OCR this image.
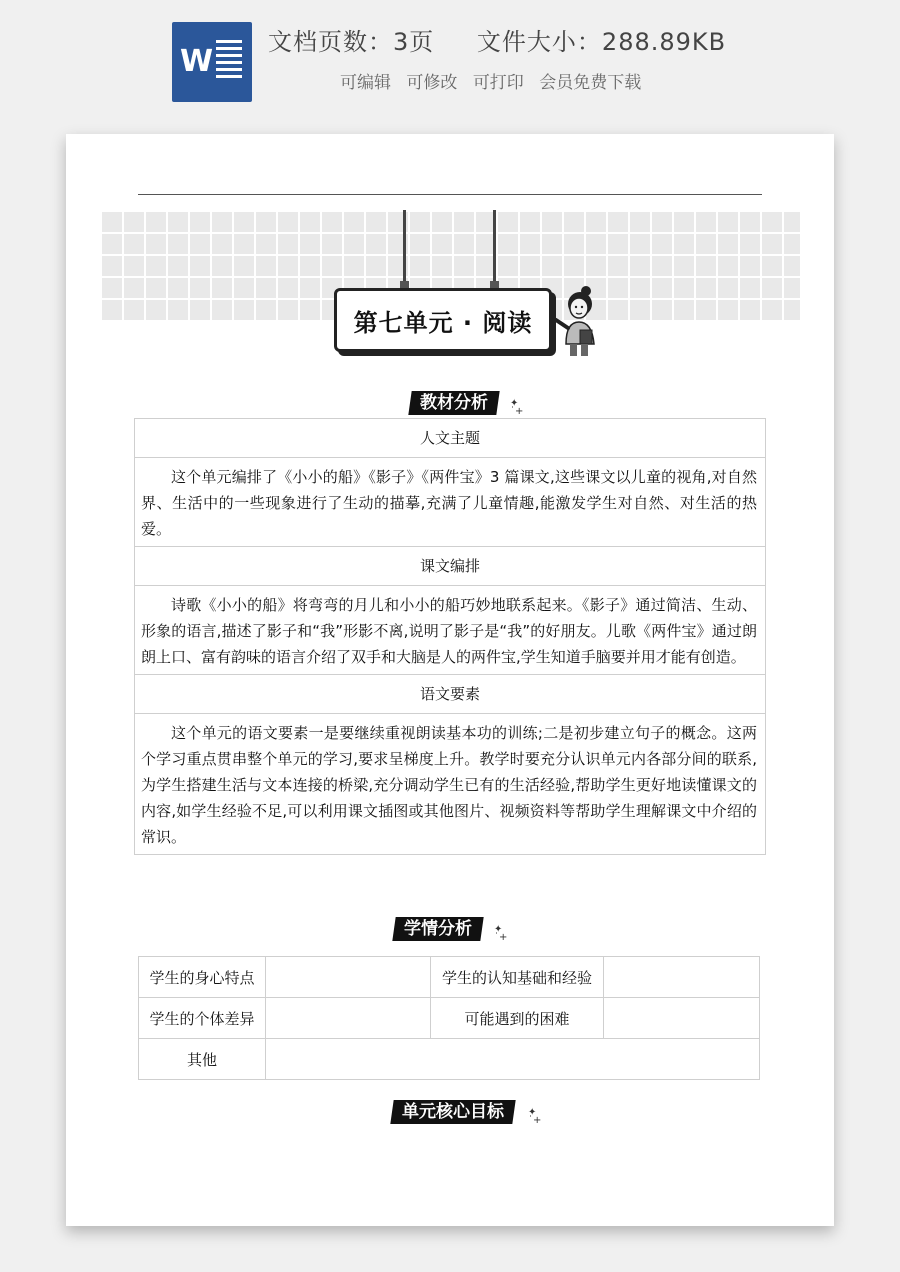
W
文档页数：3页 文件大小：288.89KB
可编辑 可修改 可打印 会员免费下载
第七单元 · 阅读
教材分析	✦
˙+
人文主题
这个单元编排了《小小的船》《影子》《两件宝》3 篇课文,这些课文以儿童的视角,对自然界、生活中的一些现象进行了生动的描摹,充满了儿童情趣,能激发学生对自然、对生活的热爱。
课文编排
诗歌《小小的船》将弯弯的月儿和小小的船巧妙地联系起来。《影子》通过简洁、生动、形象的语言,描述了影子和“我”形影不离,说明了影子是“我”的好朋友。儿歌《两件宝》通过朗朗上口、富有韵味的语言介绍了双手和大脑是人的两件宝,学生知道手脑要并用才能有创造。
语文要素
这个单元的语文要素一是要继续重视朗读基本功的训练;二是初步建立句子的概念。这两个学习重点贯串整个单元的学习,要求呈梯度上升。教学时要充分认识单元内各部分间的联系,为学生搭建生活与文本连接的桥梁,充分调动学生已有的生活经验,帮助学生更好地读懂课文的内容,如学生经验不足,可以利用课文插图或其他图片、视频资料等帮助学生理解课文中介绍的常识。
学情分析	✦
˙+
学生的身心特点		学生的认知基础和经验	
学生的个体差异		可能遇到的困难	
其他			
单元核心目标	✦
˙+
